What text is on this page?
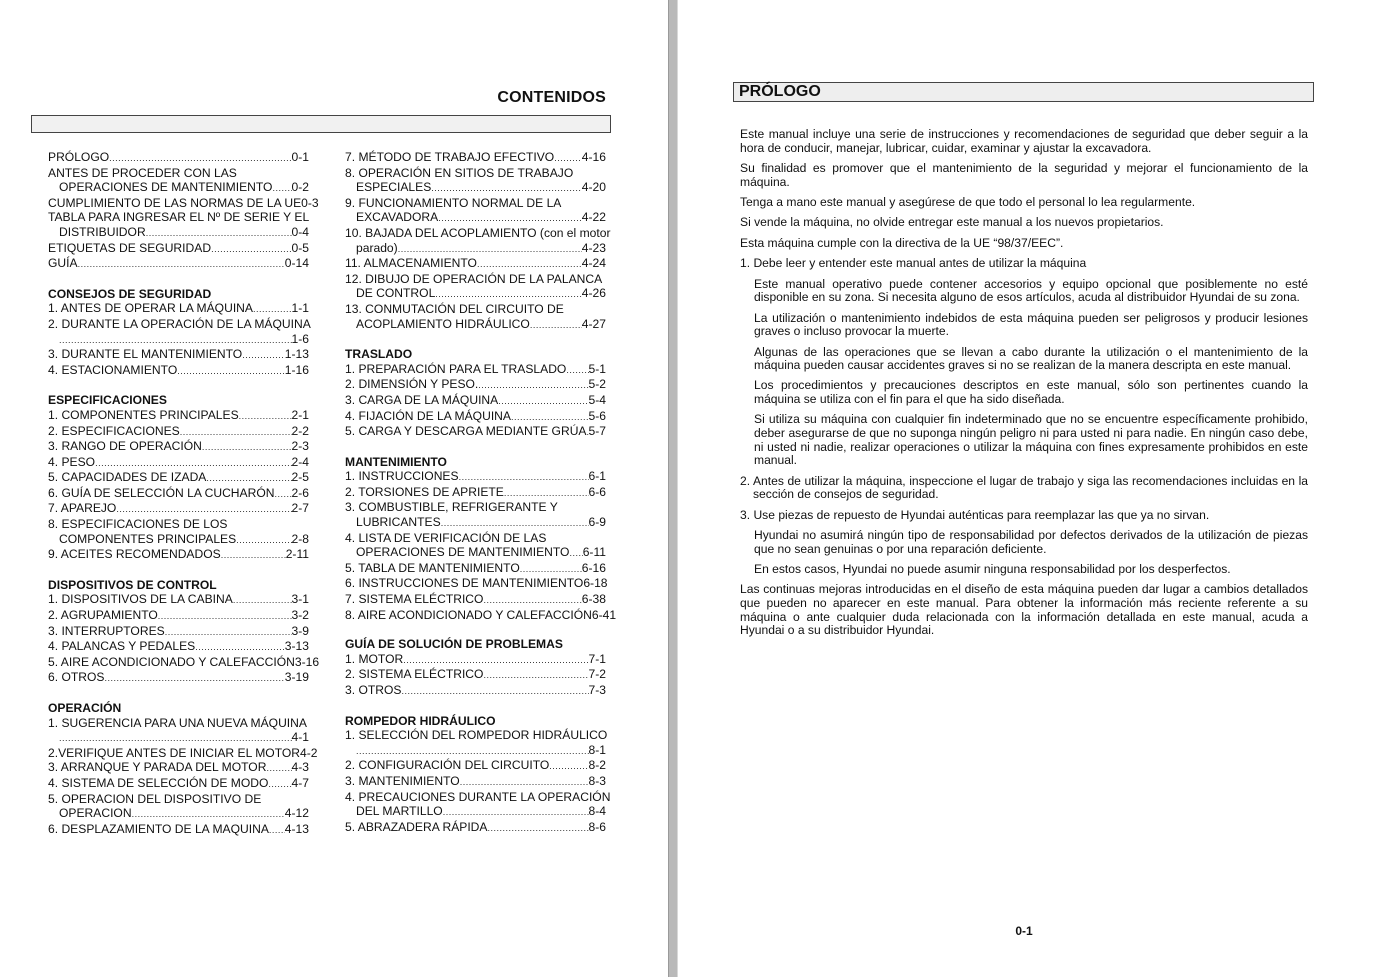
CONTENIDOS
PRÓLOGO .....	0-1
ANTES DE PROCEDER CON LAS
OPERACIONES DE MANTENIMIENTO ..... 0-2
CUMPLIMIENTO DE LAS NORMAS DE LA UE 0-3
TABLA PARA INGRESAR EL Nº DE SERIE Y EL
DISTRIBUIDOR .....	0-4
ETIQUETAS DE SEGURIDAD .....	0-5
GUÍA .....	0-14
CONSEJOS DE SEGURIDAD
1. ANTES DE OPERAR LA MÁQUINA .....	1-1
2. DURANTE LA OPERACIÓN DE LA MÁQUINA
.....
1-6
3. DURANTE EL MANTENIMIENTO .....	1-13
4. ESTACIONAMIENTO .....	1-16
ESPECIFICACIONES
1. COMPONENTES PRINCIPALES .....	2-1
2. ESPECIFICACIONES .....	2-2
3. RANGO DE OPERACIÓN .....	2-3
4. PESO .....	2-4
5. CAPACIDADES DE IZADA .....	2-5
6. GUÍA DE SELECCIÓN LA CUCHARÓN ..... 2-6
7. APAREJO .....	2-7
8. ESPECIFICACIONES DE LOS
COMPONENTES PRINCIPALES .....	2-8
9. ACEITES RECOMENDADOS .....	2-11
DISPOSITIVOS DE CONTROL
1. DISPOSITIVOS DE LA CABINA .....	3-1
2. AGRUPAMIENTO .....	3-2
3. INTERRUPTORES .....	3-9
4. PALANCAS Y PEDALES .....	3-13
5. AIRE ACONDICIONADO Y CALEFACCIÓN 3-16
6. OTROS .....	3-19
OPERACIÓN
1. SUGERENCIA PARA UNA NUEVA MÁQUINA
.....
4-1
2.VERIFIQUE ANTES DE INICIAR EL MOTOR 4-2
3. ARRANQUE Y PARADA DEL MOTOR ..... 4-3
4. SISTEMA DE SELECCIÓN DE MODO ..... 4-7
5. OPERACION DEL DISPOSITIVO DE
OPERACION .....	4-12
6. DESPLAZAMIENTO DE LA MAQUINA ..... 4-13
7. MÉTODO DE TRABAJO EFECTIVO ..... 4-16
8. OPERACIÓN EN SITIOS DE TRABAJO
ESPECIALES .....	4-20
9. FUNCIONAMIENTO NORMAL DE LA
EXCAVADORA .....	4-22
10. BAJADA DEL ACOPLAMIENTO (con el motor
parado) .....	4-23
11. ALMACENAMIENTO .....	4-24
12. DIBUJO DE OPERACIÓN DE LA PALANCA
DE CONTROL .....	4-26
13. CONMUTACIÓN DEL CIRCUITO DE
ACOPLAMIENTO HIDRÁULICO .....	4-27
TRASLADO
1. PREPARACIÓN PARA EL TRASLADO ..... 5-1
2. DIMENSIÓN Y PESO. .....	5-2
3. CARGA DE LA MÁQUINA .....	5-4
4. FIJACIÓN DE LA MÁQUINA .....	5-6
5. CARGA Y DESCARGA MEDIANTE GRÚA ..... 5-7
MANTENIMIENTO
1. INSTRUCCIONES .....	6-1
2. TORSIONES DE APRIETE .....	6-6
3. COMBUSTIBLE, REFRIGERANTE Y
LUBRICANTES .....	6-9
4. LISTA DE VERIFICACIÓN DE LAS
OPERACIONES DE MANTENIMIENTO ..... 6-11
5. TABLA DE MANTENIMIENTO .....	6-16
6. INSTRUCCIONES DE MANTENIMIENTO 6-18
7. SISTEMA ELÉCTRICO .....	6-38
8. AIRE ACONDICIONADO Y CALEFACCIÓN 6-41
GUÍA DE SOLUCIÓN DE PROBLEMAS
1. MOTOR .....	7-1
2. SISTEMA ELÉCTRICO .....	7-2
3. OTROS .....	7-3
ROMPEDOR HIDRÁULICO
1. SELECCIÓN DEL ROMPEDOR HIDRÁULICO
.....
8-1
2. CONFIGURACIÓN DEL CIRCUITO .....	8-2
3. MANTENIMIENTO .....	8-3
4. PRECAUCIONES DURANTE LA OPERACIÓN
DEL MARTILLO .....	8-4
5. ABRAZADERA RÁPIDA .....	8-6
PRÓLOGO

Este manual incluye una serie de instrucciones y recomendaciones de seguridad que deber seguir a la hora de conducir, manejar, lubricar, cuidar, examinar y ajustar la excavadora.

Su finalidad es promover que el mantenimiento de la seguridad y mejorar el funcionamiento de la máquina.

Tenga a mano este manual y asegúrese de que todo el personal lo lea regularmente.

Si vende la máquina, no olvide entregar este manual a los nuevos propietarios.

Esta máquina cumple con la directiva de la UE “98/37/EEC”.

1. Debe leer y entender este manual antes de utilizar la máquina

Este manual operativo puede contener accesorios y equipo opcional que posiblemente no esté disponible en su zona. Si necesita alguno de esos artículos, acuda al distribuidor Hyundai de su zona.

La utilización o mantenimiento indebidos de esta máquina pueden ser peligrosos y producir lesiones graves o incluso provocar la muerte.

Algunas de las operaciones que se llevan a cabo durante la utilización o el mantenimiento de la máquina pueden causar accidentes graves si no se realizan de la manera descripta en este manual.

Los procedimientos y precauciones descriptos en este manual, sólo son pertinentes cuando la máquina se utiliza con el fin para el que ha sido diseñada.

Si utiliza su máquina con cualquier fin indeterminado que no se encuentre específicamente prohibido, deber asegurarse de que no suponga ningún peligro ni para usted ni para nadie. En ningún caso debe, ni usted ni nadie, realizar operaciones o utilizar la máquina con fines expresamente prohibidos en este manual.

2. Antes de utilizar la máquina, inspeccione el lugar de trabajo y siga las recomendaciones incluidas en la sección de consejos de seguridad.

3. Use piezas de repuesto de Hyundai auténticas para reemplazar las que ya no sirvan.

Hyundai no asumirá ningún tipo de responsabilidad por defectos derivados de la utilización de piezas que no sean genuinas o por una reparación deficiente.

En estos casos, Hyundai no puede asumir ninguna responsabilidad por los desperfectos.

Las continuas mejoras introducidas en el diseño de esta máquina pueden dar lugar a cambios detallados que pueden no aparecer en este manual. Para obtener la información más reciente referente a su máquina o ante cualquier duda relacionada con la información detallada en este manual, acuda a Hyundai o a su distribuidor Hyundai.

0-1
